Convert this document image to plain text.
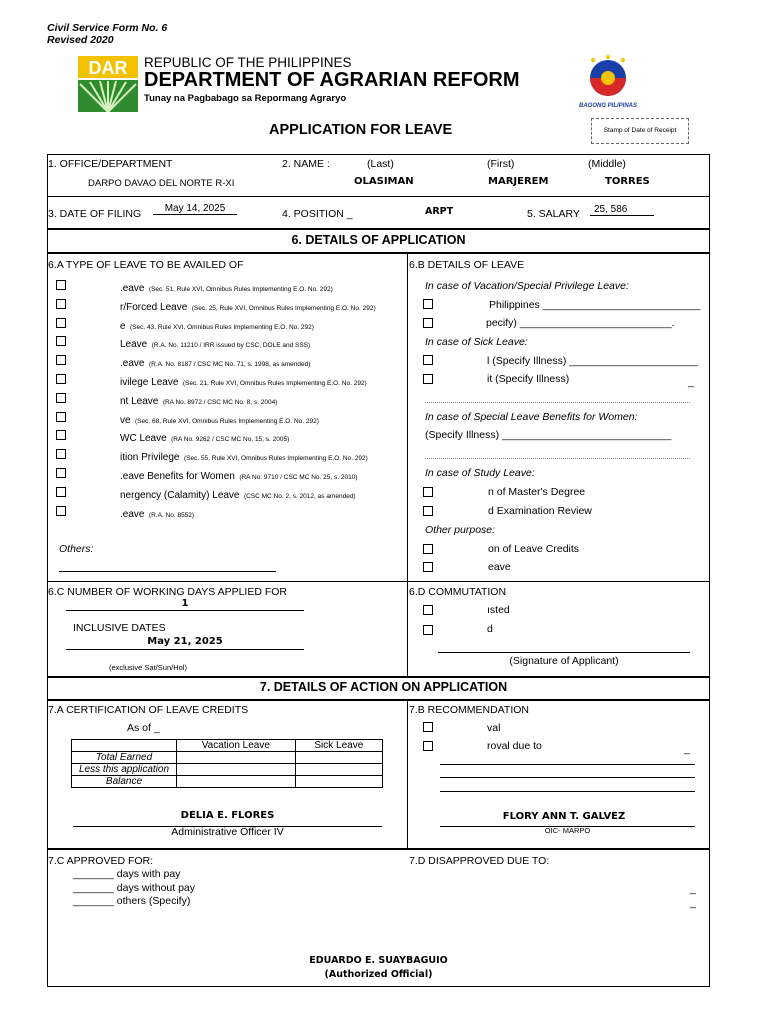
Civil Service Form No. 6
Revised 2020
DAR REPUBLIC OF THE PHILIPPINES
DEPARTMENT OF AGRARIAN REFORM
Tunay na Pagbabago sa Repormang Agraryo
BAGONG PILIPINAS
APPLICATION FOR LEAVE	Stamp of Date of Receipt
1. OFFICE/DEPARTMENT
DARPO DAVAO DEL NORTE R-XI
2. NAME :	(Last)	(First)	(Middle)
OLASIMAN	MARJEREM	TORRES
3. DATE OF FILING	May 14, 2025	4. POSITION _	ARPT	5. SALARY	25, 586
6. DETAILS OF APPLICATION
6.A TYPE OF LEAVE TO BE AVAILED OF	6.B DETAILS OF LEAVE
.eave (Sec. 51, Rule XVI, Omnibus Rules Implementing E.O. No. 292)
r/Forced Leave (Sec. 25, Rule XVI, Omnibus Rules Implementing E.O. No. 292)
е (Sec. 43, Rule XVI, Omnibus Rules Implementing E.O. No. 292)
Leave (R.A. No. 11210 / IRR issued by CSC, DOLE and SSS)
.eave (R.A. No. 8187 / CSC MC No. 71, s. 1998, as amended)
ivilege Leave (Sec. 21, Rule XVI, Omnibus Rules Implementing E.O. No. 292)
nt Leave (RA No. 8972 / CSC MC No. 8, s. 2004)
ve (Sec. 68, Rule XVI, Omnibus Rules Implementing E.O. No. 292)
WC Leave (RA No. 9262 / CSC MC No. 15, s. 2005)
ition Privilege (Sec. 55, Rule XVI, Omnibus Rules Implementing E.O. No. 292)
.eave Benefits for Women (RA No. 9710 / CSC MC No. 25, s. 2010)
nergency (Calamity) Leave (CSC MC No. 2, s. 2012, as amended)
.eave (R.A. No. 8552)
Others:
In case of Vacation/Special Privilege Leave:
Philippines ___________________________
pecify) __________________________.
In case of Sick Leave:
l (Specify Illness) ______________________
it (Specify Illness)	_
In case of Special Leave Benefits for Women:
(Specify Illness) _____________________________
In case of Study Leave:
n of Master's Degree
d Examination Review
Other purpose:
on of Leave Credits
eave
6.C NUMBER OF WORKING DAYS APPLIED FOR
1
INCLUSIVE DATES
May 21, 2025
(exclusive Sat/Sun/Hol)
6.D COMMUTATION
ısted
d
(Signature of Applicant)
7. DETAILS OF ACTION ON APPLICATION
7.A CERTIFICATION OF LEAVE CREDITS
As of _
	Vacation Leave	Sick Leave
Total Earned		
Less this application		
Balance		
DELIA E. FLORES
Administrative Officer IV
7.B RECOMMENDATION
val
roval due to	_
FLORY ANN T. GALVEZ	_
OIC- MARPO
7.C APPROVED FOR:
_______ days with pay
_______ days without pay
_______ others (Specify)
7.D DISAPPROVED DUE TO:
_
_
EDUARDO E. SUAYBAGUIO
(Authorized Official)
